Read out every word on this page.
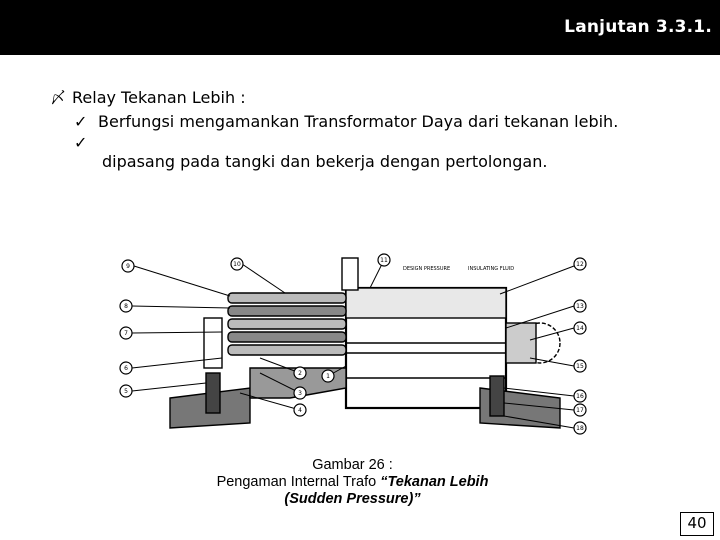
Lanjutan 3.3.1.
〆 Relay Tekanan Lebih :
✓ Berfungsi mengamankan Transformator Daya dari tekanan lebih.
✓
dipasang pada tangki dan bekerja dengan pertolongan.
9
8
7
6
5
10
11
12
13
14
15
16
17
18
2
3
4
1
DESIGN PRESSURE	INSULATING FLUID
Gambar 26 :
Pengaman Internal Trafo “Tekanan Lebih
(Sudden Pressure)”
40
